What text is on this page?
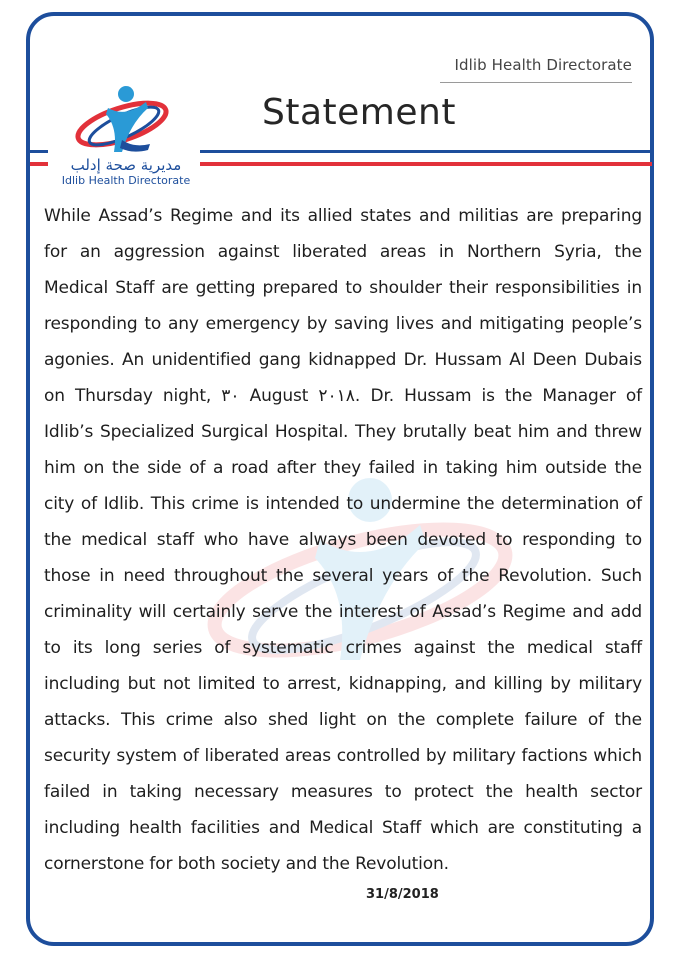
Idlib Health Directorate
Statement
مديرية صحة إدلب
Idlib Health Directorate
While Assad’s Regime and its allied states and militias are preparing for an aggression against liberated areas in Northern Syria, the Medical Staff are getting prepared to shoulder their responsibilities in responding to any emergency by saving lives and mitigating people’s agonies. An unidentified gang kidnapped Dr. Hussam Al Deen Dubais on Thursday night, ٣٠ August ٢٠١٨. Dr. Hussam is the Manager of Idlib’s Specialized Surgical Hospital. They brutally beat him and threw him on the side of a road after they failed in taking him outside the city of Idlib. This crime is intended to undermine the determination of the medical staff who have always been devoted to responding to those in need throughout the several years of the Revolution. Such criminality will certainly serve the interest of Assad’s Regime and add to its long series of systematic crimes against the medical staff including but not limited to arrest, kidnapping, and killing by military attacks. This crime also shed light on the complete failure of the security system of liberated areas controlled by military factions which failed in taking necessary measures to protect the health sector including health facilities and Medical Staff which are constituting a cornerstone for both society and the Revolution.
31/8/2018
